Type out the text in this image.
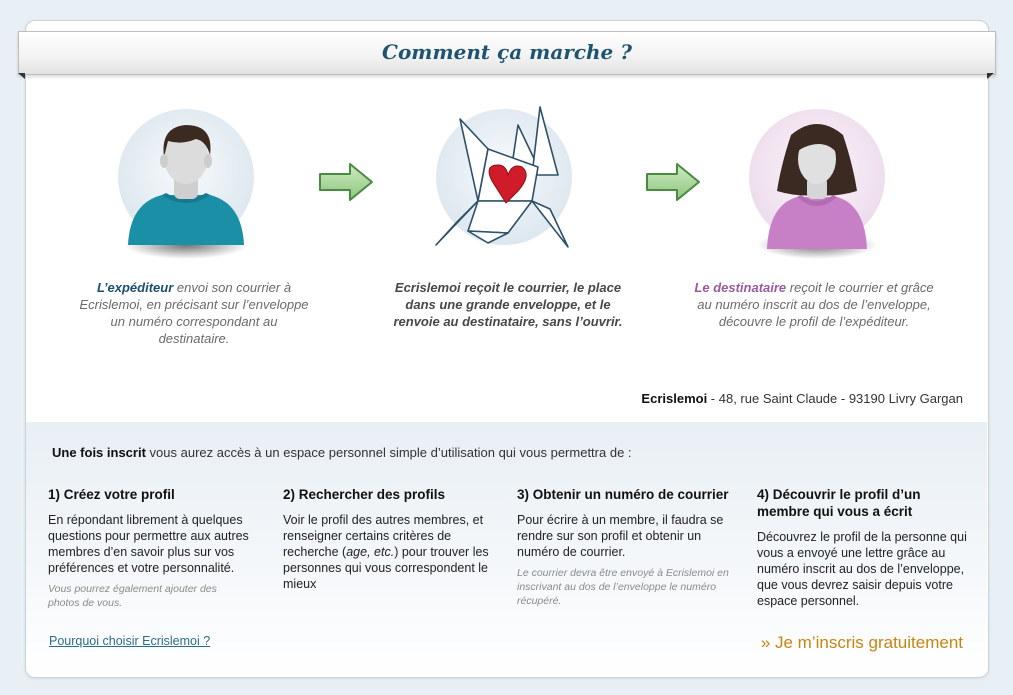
Comment ça marche ?
L’expéditeur envoi son courrier à Ecrislemoi, en précisant sur l’enveloppe un numéro correspondant au destinataire.
Ecrislemoi reçoit le courrier, le place dans une grande enveloppe, et le renvoie au destinataire, sans l’ouvrir.
Le destinataire reçoit le courrier et grâce au numéro inscrit au dos de l’enveloppe, découvre le profil de l’expéditeur.
Ecrislemoi - 48, rue Saint Claude - 93190 Livry Gargan
Une fois inscrit vous aurez accès à un espace personnel simple d’utilisation qui vous permettra de :
1) Créez votre profil

En répondant librement à quelques questions pour permettre aux autres membres d’en savoir plus sur vos préférences et votre personnalité.

Vous pourrez également ajouter des photos de vous.

2) Rechercher des profils

Voir le profil des autres membres, et renseigner certains critères de recherche (age, etc.) pour trouver les personnes qui vous correspondent le mieux

3) Obtenir un numéro de courrier

Pour écrire à un membre, il faudra se rendre sur son profil et obtenir un numéro de courrier.

Le courrier devra être envoyé à Ecrislemoi en inscrivant au dos de l’enveloppe le numéro récupéré.

4) Découvrir le profil d’un membre qui vous a écrit

Découvrez le profil de la personne qui vous a envoyé une lettre grâce au numéro inscrit au dos de l’enveloppe, que vous devrez saisir depuis votre espace personnel.

Pourquoi choisir Ecrislemoi ?	» Je m’inscris gratuitement
